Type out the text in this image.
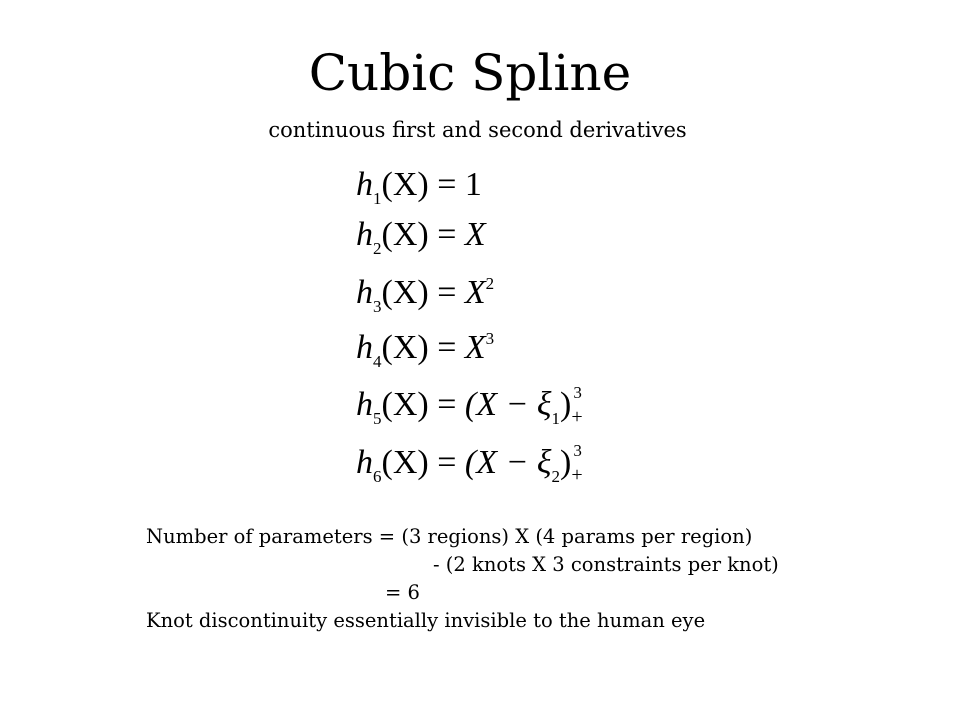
Cubic Spline
continuous first and second derivatives
$h_1(X) = 1$
$h_2(X) = X$
$h_3(X) = X^2$
$h_4(X) = X^3$
$h_5(X) = (X - \xi_1)$ 3
+
$h_6(X) = (X - \xi_2)$ 3
+
Number of parameters = (3 regions) X (4 params per region)
- (2 knots X 3 constraints per knot)
= 6
Knot discontinuity essentially invisible to the human eye
